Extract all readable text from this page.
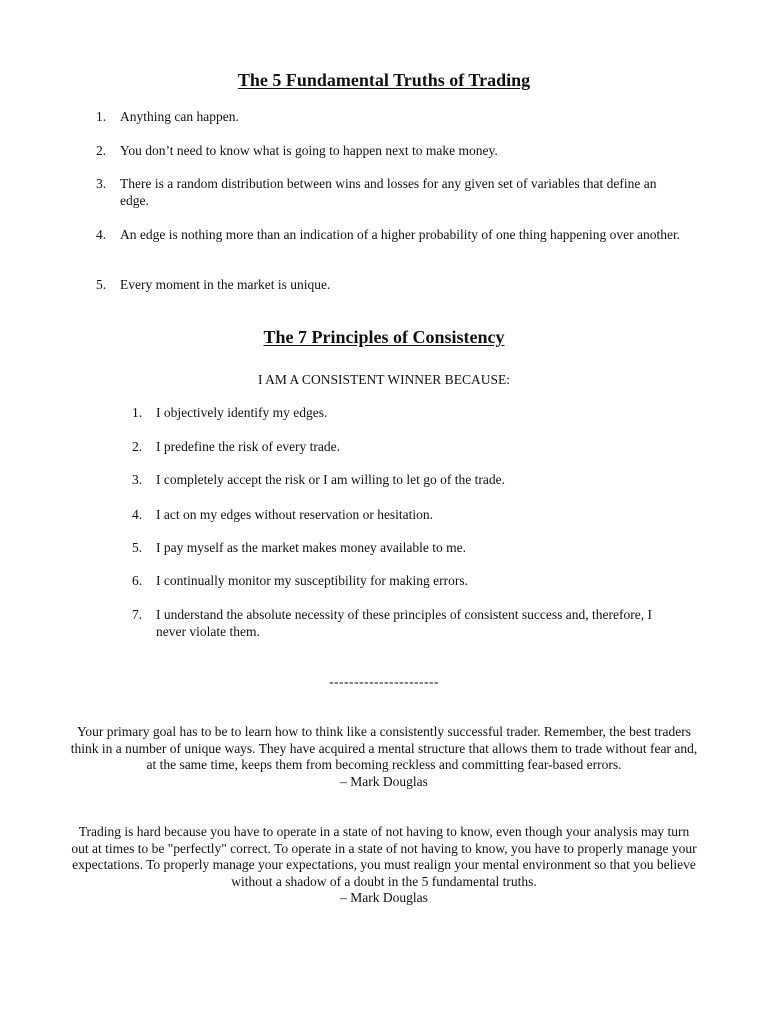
The 5 Fundamental Truths of Trading
1.	Anything can happen.
2.	You don’t need to know what is going to happen next to make money.
3.	There is a random distribution between wins and losses for any given set of variables that define an edge.
4.	An edge is nothing more than an indication of a higher probability of one thing happening over another.
5.	Every moment in the market is unique.
The 7 Principles of Consistency

I AM A CONSISTENT WINNER BECAUSE:

1.	I objectively identify my edges.
2.	I predefine the risk of every trade.
3.	I completely accept the risk or I am willing to let go of the trade.
4.	I act on my edges without reservation or hesitation.
5.	I pay myself as the market makes money available to me.
6.	I continually monitor my susceptibility for making errors.
7.	I understand the absolute necessity of these principles of consistent success and, therefore, I never violate them.

----------------------

Your primary goal has to be to learn how to think like a consistently successful trader. Remember, the best traders think in a number of unique ways. They have acquired a mental structure that allows them to trade without fear and, at the same time, keeps them from becoming reckless and committing fear-based errors.
– Mark Douglas
Trading is hard because you have to operate in a state of not having to know, even though your analysis may turn out at times to be "perfectly" correct. To operate in a state of not having to know, you have to properly manage your expectations. To properly manage your expectations, you must realign your mental environment so that you believe without a shadow of a doubt in the 5 fundamental truths.
– Mark Douglas
